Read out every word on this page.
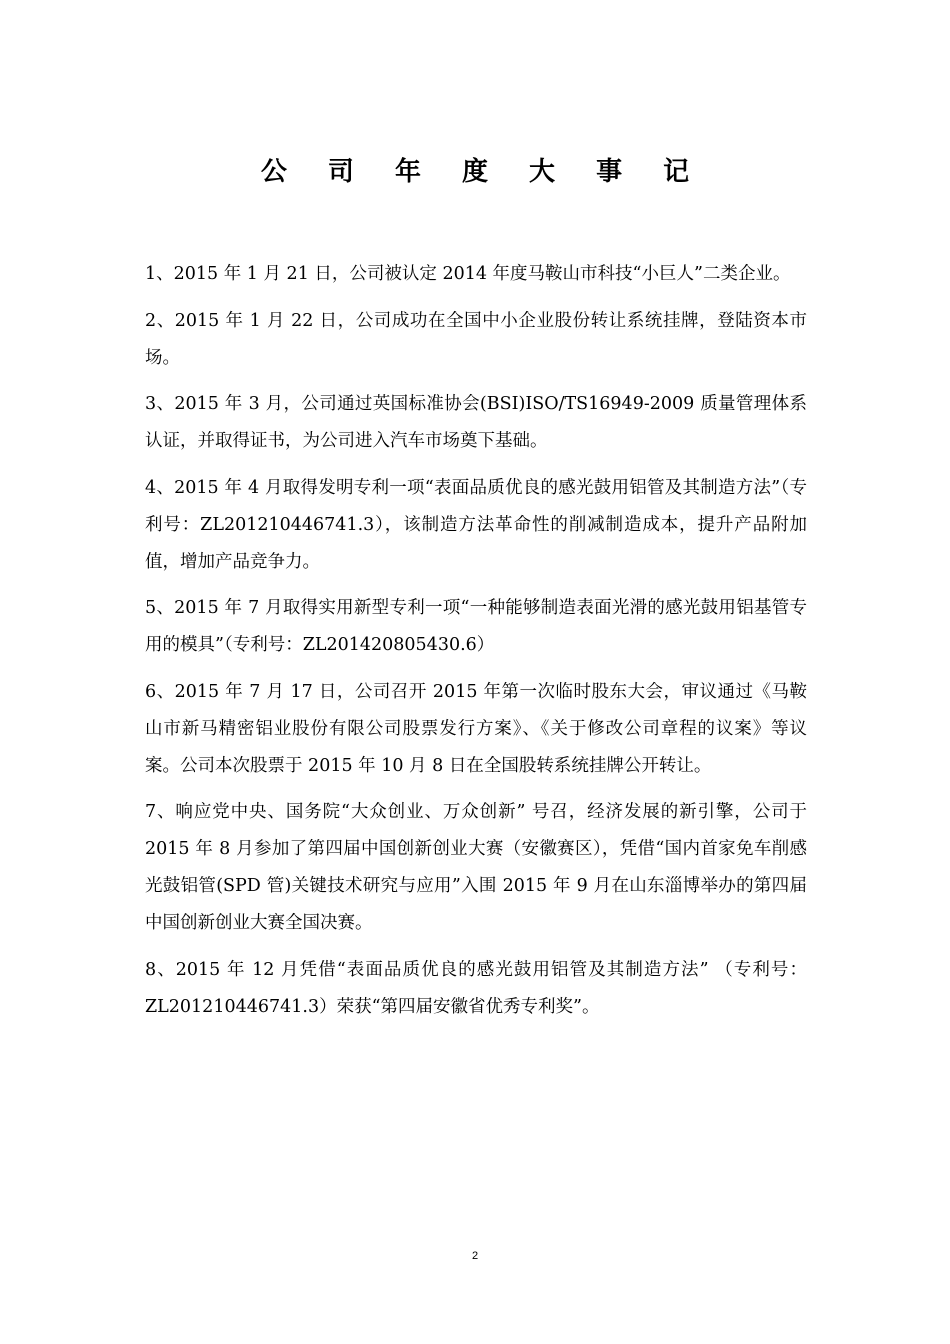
公 司 年 度 大 事 记

1、2015 年 1 月 21 日，公司被认定 2014 年度马鞍山市科技“小巨人”二类企业。

2、2015 年 1 月 22 日，公司成功在全国中小企业股份转让系统挂牌，登陆资本市场。

3、2015 年 3 月，公司通过英国标准协会(BSI)ISO/TS16949-2009 质量管理体系认证，并取得证书，为公司进入汽车市场奠下基础。

4、2015 年 4 月取得发明专利一项“表面品质优良的感光鼓用铝管及其制造方法”（专利号：ZL201210446741.3），该制造方法革命性的削减制造成本，提升产品附加值，增加产品竞争力。

5、2015 年 7 月取得实用新型专利一项“一种能够制造表面光滑的感光鼓用铝基管专用的模具”（专利号：ZL201420805430.6）

6、2015 年 7 月 17 日，公司召开 2015 年第一次临时股东大会，审议通过《马鞍山市新马精密铝业股份有限公司股票发行方案》、《关于修改公司章程的议案》等议案。公司本次股票于 2015 年 10 月 8 日在全国股转系统挂牌公开转让。

7、响应党中央、国务院“大众创业、万众创新” 号召，经济发展的新引擎，公司于 2015 年 8 月参加了第四届中国创新创业大赛（安徽赛区），凭借“国内首家免车削感光鼓铝管(SPD 管)关键技术研究与应用”入围 2015 年 9 月在山东淄博举办的第四届中国创新创业大赛全国决赛。

8、2015 年 12 月凭借“表面品质优良的感光鼓用铝管及其制造方法” （专利号：ZL201210446741.3）荣获“第四届安徽省优秀专利奖”。

2
